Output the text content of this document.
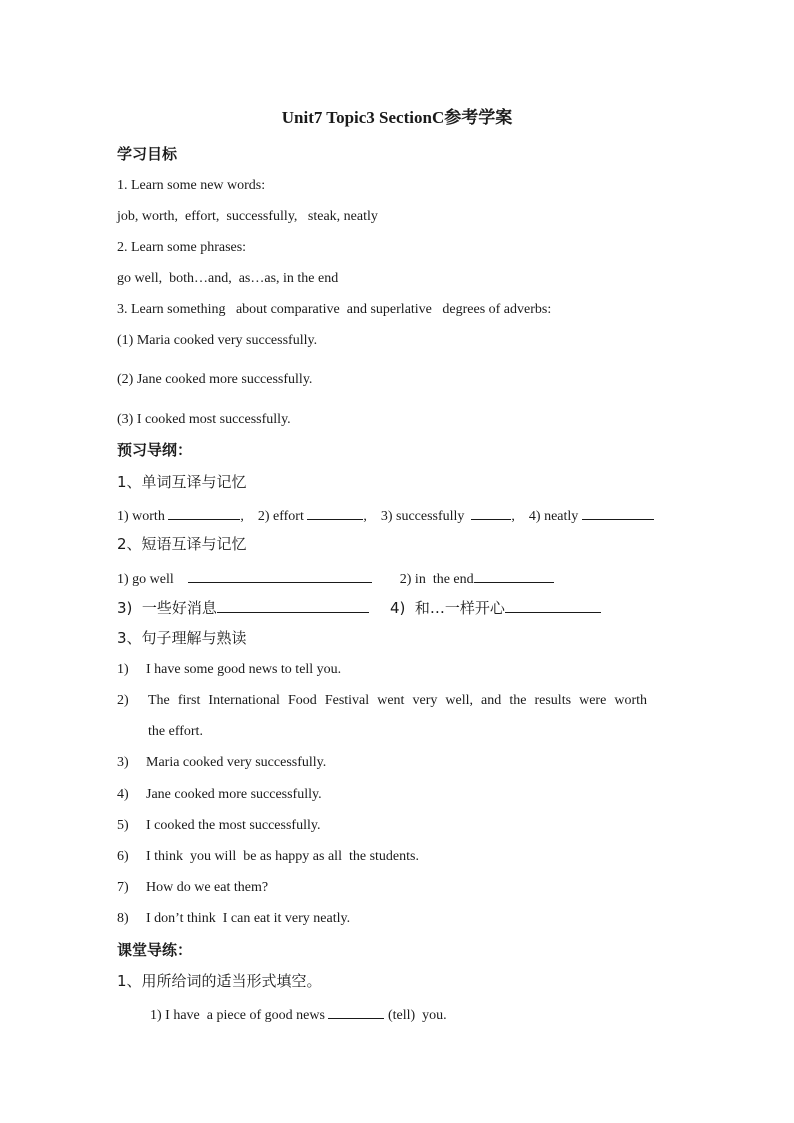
Unit7 Topic3 SectionC参考学案
学习目标
1. Learn some new words:
job, worth,  effort,  successfully,   steak, neatly
2. Learn some phrases:
go well,  both…and,  as…as, in the end
3. Learn something   about comparative  and superlative   degrees of adverbs:
(1) Maria cooked very successfully.
(2) Jane cooked more successfully.
(3) I cooked most successfully.
预习导纲：
1、单词互译与记忆
1) worth	,    2) effort	,    3) successfully	,    4) neatly
2、短语互译与记忆
1) go well	2) in  the end
3)  一些好消息	4)  和…一样开心
3、句子理解与熟读
1) I have some good news to tell you.
2)	The first International Food Festival went very well, and the results were worth
the effort.
3) Maria cooked very successfully.
4) Jane cooked more successfully.
5) I cooked the most successfully.
6) I think  you will  be as happy as all  the students.
7) How do we eat them?
8) I don’t think  I can eat it very neatly.
课堂导练：
1、用所给词的适当形式填空。
1) I have  a piece of good news	(tell)  you.
